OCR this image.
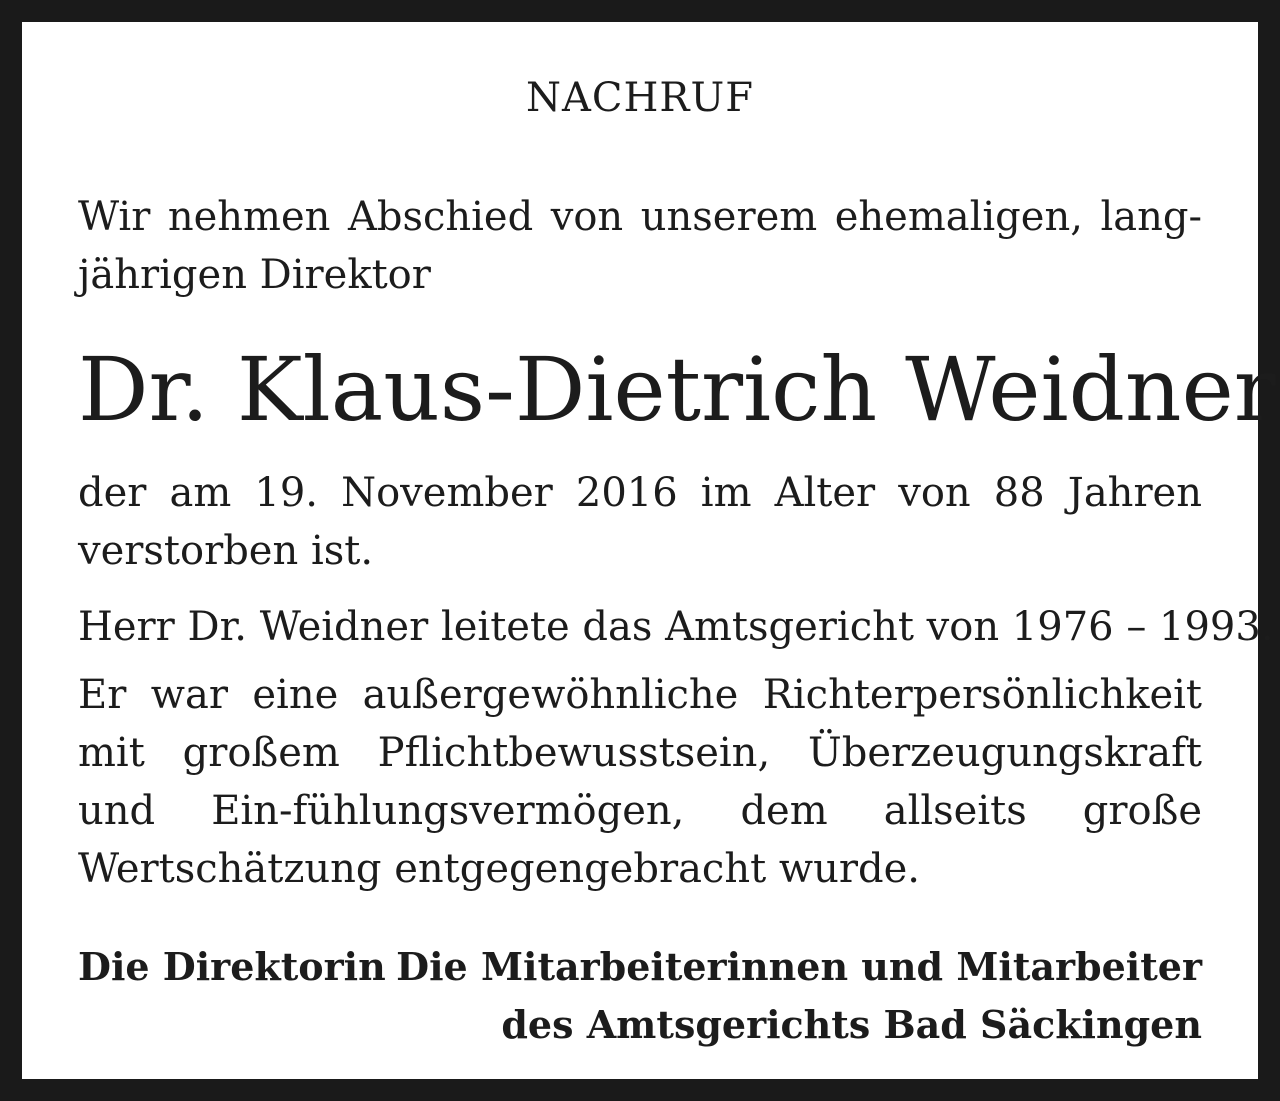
NACHRUF

Wir nehmen Abschied von unserem ehemaligen, lang-jährigen Direktor

Dr. Klaus-Dietrich Weidner

der am 19. November 2016 im Alter von 88 Jahren verstorben ist.

Herr Dr. Weidner leitete das Amtsgericht von 1976 – 1993.

Er war eine außergewöhnliche Richterpersönlichkeit mit großem Pflichtbewusstsein, Überzeugungskraft und Ein-fühlungsvermögen, dem allseits große Wertschätzung entgegengebracht wurde.

Die Direktorin Die Mitarbeiterinnen und Mitarbeiter
des Amtsgerichts Bad Säckingen
